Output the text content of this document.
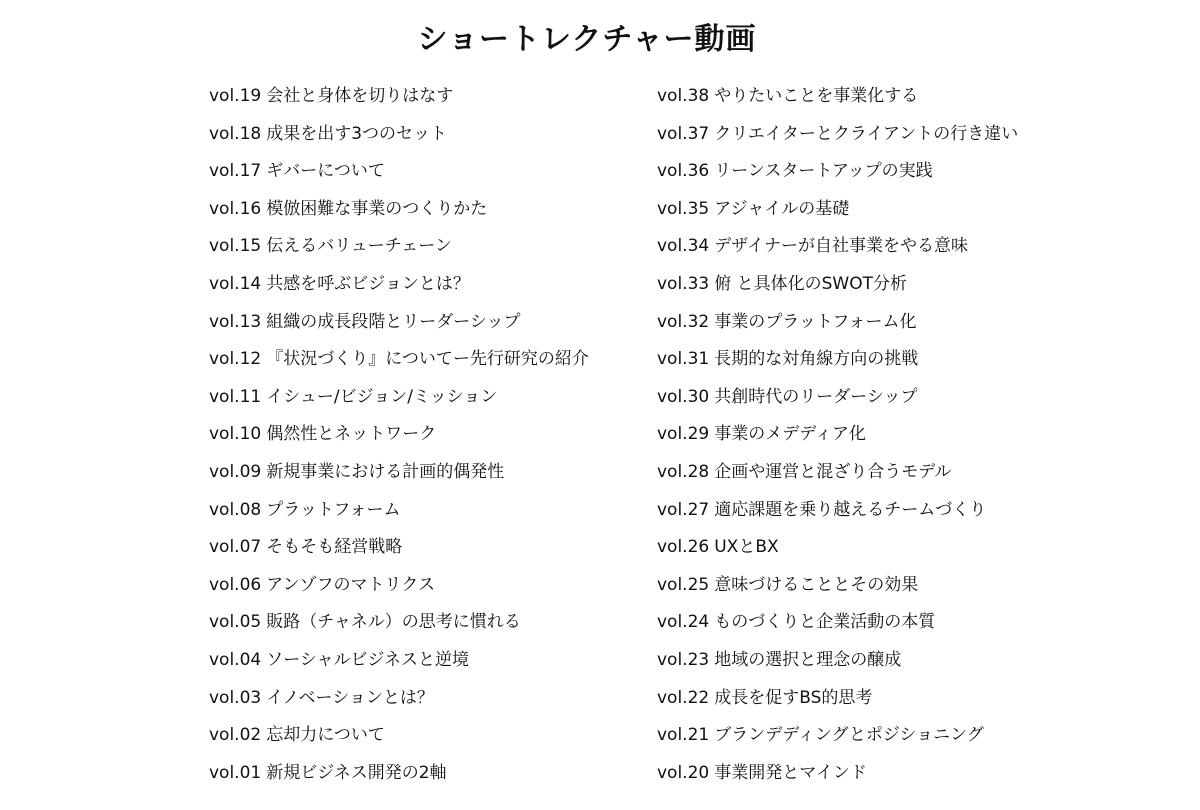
ショートレクチャー動画
vol.19 会社と身体を切りはなす
vol.18 成果を出す3つのセット
vol.17 ギバーについて
vol.16 模倣困難な事業のつくりかた
vol.15 伝えるバリューチェーン
vol.14 共感を呼ぶビジョンとは？
vol.13 組織の成長段階とリーダーシップ
vol.12 『状況づくり』についてー先行研究の紹介
vol.11 イシュー/ビジョン/ミッション
vol.10 偶然性とネットワーク
vol.09 新規事業における計画的偶発性
vol.08 プラットフォーム
vol.07 そもそも経営戦略
vol.06 アンゾフのマトリクス
vol.05 販路（チャネル）の思考に慣れる
vol.04 ソーシャルビジネスと逆境
vol.03 イノベーションとは？
vol.02 忘却力について
vol.01 新規ビジネス開発の2軸
vol.38 やりたいことを事業化する
vol.37 クリエイターとクライアントの行き違い
vol.36 リーンスタートアップの実践
vol.35 アジャイルの基礎
vol.34 デザイナーが自社事業をやる意味
vol.33 俯 と具体化のSWOT分析
vol.32 事業のプラットフォーム化
vol.31 長期的な対角線方向の挑戦
vol.30 共創時代のリーダーシップ
vol.29 事業のメデディア化
vol.28 企画や運営と混ざり合うモデル
vol.27 適応課題を乗り越えるチームづくり
vol.26 UXとBX
vol.25 意味づけることとその効果
vol.24 ものづくりと企業活動の本質
vol.23 地域の選択と理念の醸成
vol.22 成長を促すBS的思考
vol.21 ブランデディングとポジショニング
vol.20 事業開発とマインド
